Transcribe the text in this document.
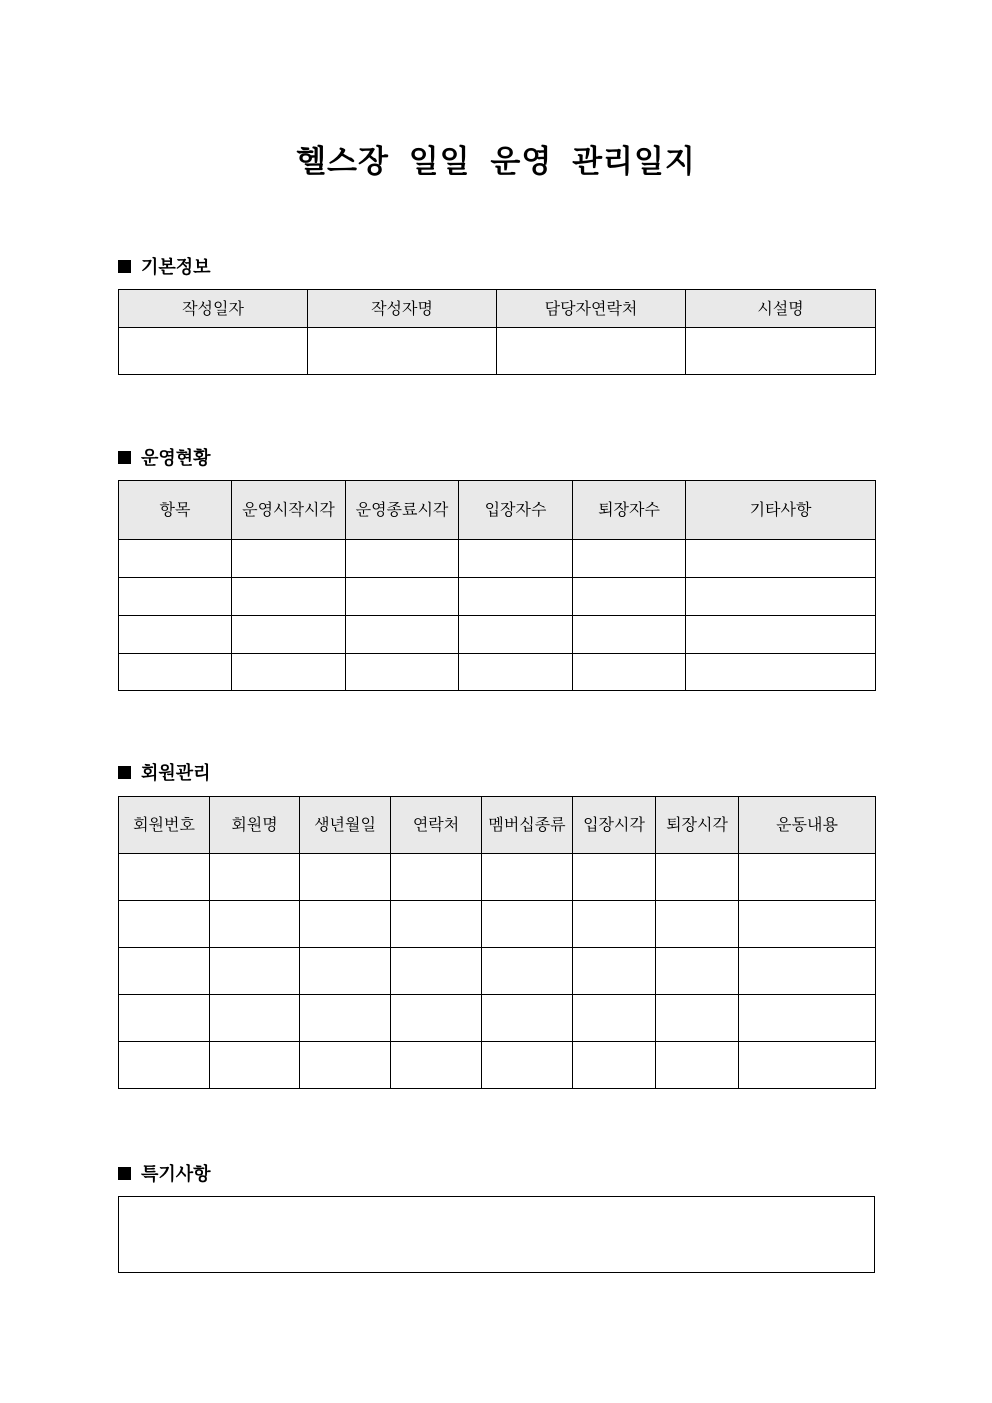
헬스장 일일 운영 관리일지
기본정보
작성일자	작성자명	담당자연락처	시설명

운영현황
항목	운영시작시각	운영종료시각	입장자수	퇴장자수	기타사항

회원관리
회원번호	회원명	생년월일	연락처	멤버십종류	입장시각	퇴장시각	운동내용

특기사항
